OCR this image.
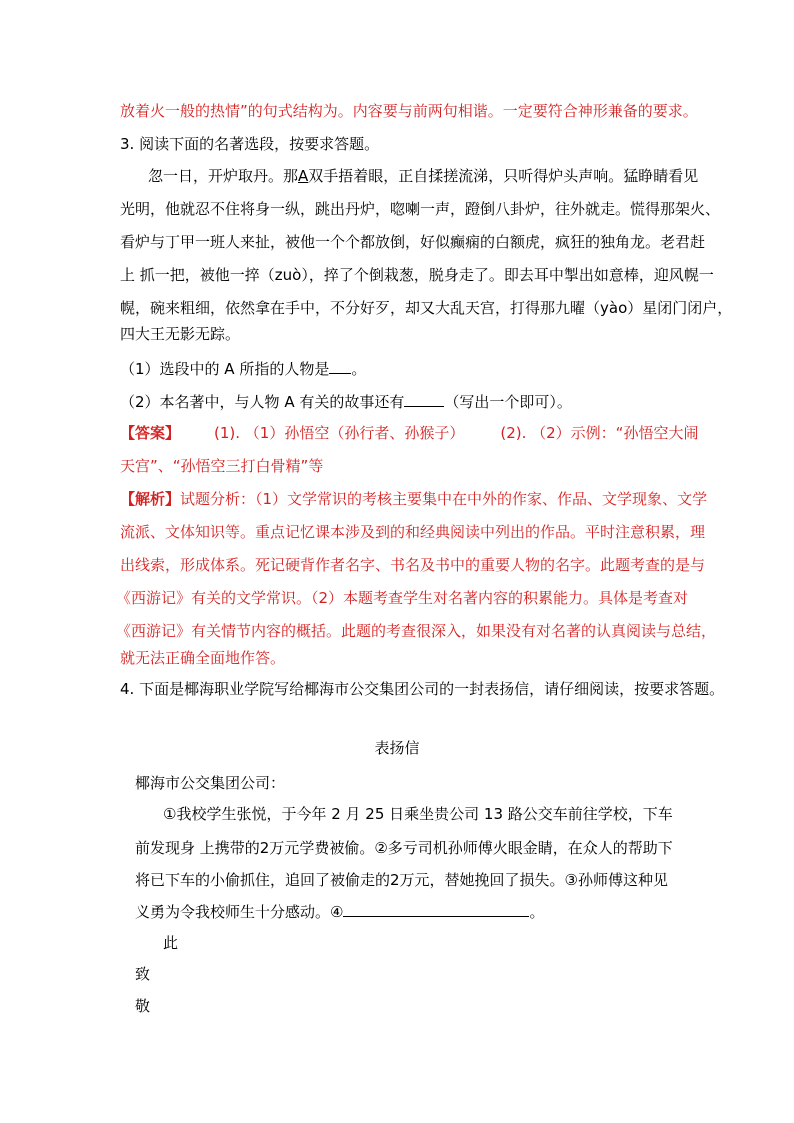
放着火一般的热情”的句式结构为。内容要与前两句相谐。一定要符合神形兼备的要求。
3. 阅读下面的名著选段，按要求答题。
忽一日，开炉取丹。那A双手捂着眼，正自揉搓流涕，只听得炉头声响。猛睁睛看见
光明，他就忍不住将身一纵，跳出丹炉，唿喇一声，蹬倒八卦炉，往外就走。慌得那架火、
看炉与丁甲一班人来扯，被他一个个都放倒，好似癫痫的白额虎，疯狂的独角龙。老君赶
上 抓一把，被他一捽（zuò），捽了个倒栽葱，脱身走了。即去耳中掣出如意棒，迎风幌一
幌，碗来粗细，依然拿在手中，不分好歹，却又大乱天宫，打得那九曜（yào）星闭门闭户，
四大王无影无踪。
（1）选段中的 A 所指的人物是 。
（2）本名著中，与人物 A 有关的故事还有	（写出一个即可）。
【答案】 (1). （1）孙悟空（孙行者、孙猴子） (2). （2）示例：“孙悟空大闹
天宫”、“孙悟空三打白骨精”等
【解析】试题分析：（1）文学常识的考核主要集中在中外的作家、作品、文学现象、文学
流派、文体知识等。重点记忆课本涉及到的和经典阅读中列出的作品。平时注意积累，理
出线索，形成体系。死记硬背作者名字、书名及书中的重要人物的名字。此题考查的是与
《西游记》有关的文学常识。（2）本题考查学生对名著内容的积累能力。具体是考查对
《西游记》有关情节内容的概括。此题的考查很深入，如果没有对名著的认真阅读与总结，
就无法正确全面地作答。
4. 下面是椰海职业学院写给椰海市公交集团公司的一封表扬信，请仔细阅读，按要求答题。
表扬信
椰海市公交集团公司：
①我校学生张悦，于今年 2 月 25 日乘坐贵公司 13 路公交车前往学校，下车
前发现身 上携带的2万元学费被偷。②多亏司机孙师傅火眼金睛，在众人的帮助下
将已下车的小偷抓住，追回了被偷走的2万元，替她挽回了损失。③孙师傅这种见
义勇为令我校师生十分感动。④	。
此
致
敬
